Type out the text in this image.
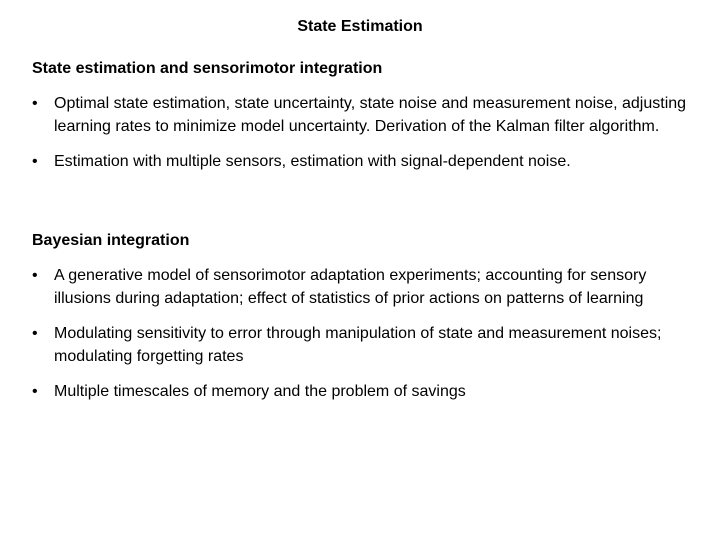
State Estimation
State estimation and sensorimotor integration
• Optimal state estimation, state uncertainty, state noise and measurement noise, adjusting learning rates to minimize model uncertainty. Derivation of the Kalman filter algorithm.
• Estimation with multiple sensors, estimation with signal-dependent noise.
Bayesian integration
• A generative model of sensorimotor adaptation experiments; accounting for sensory illusions during adaptation; effect of statistics of prior actions on patterns of learning
• Modulating sensitivity to error through manipulation of state and measurement noises; modulating forgetting rates
• Multiple timescales of memory and the problem of savings
